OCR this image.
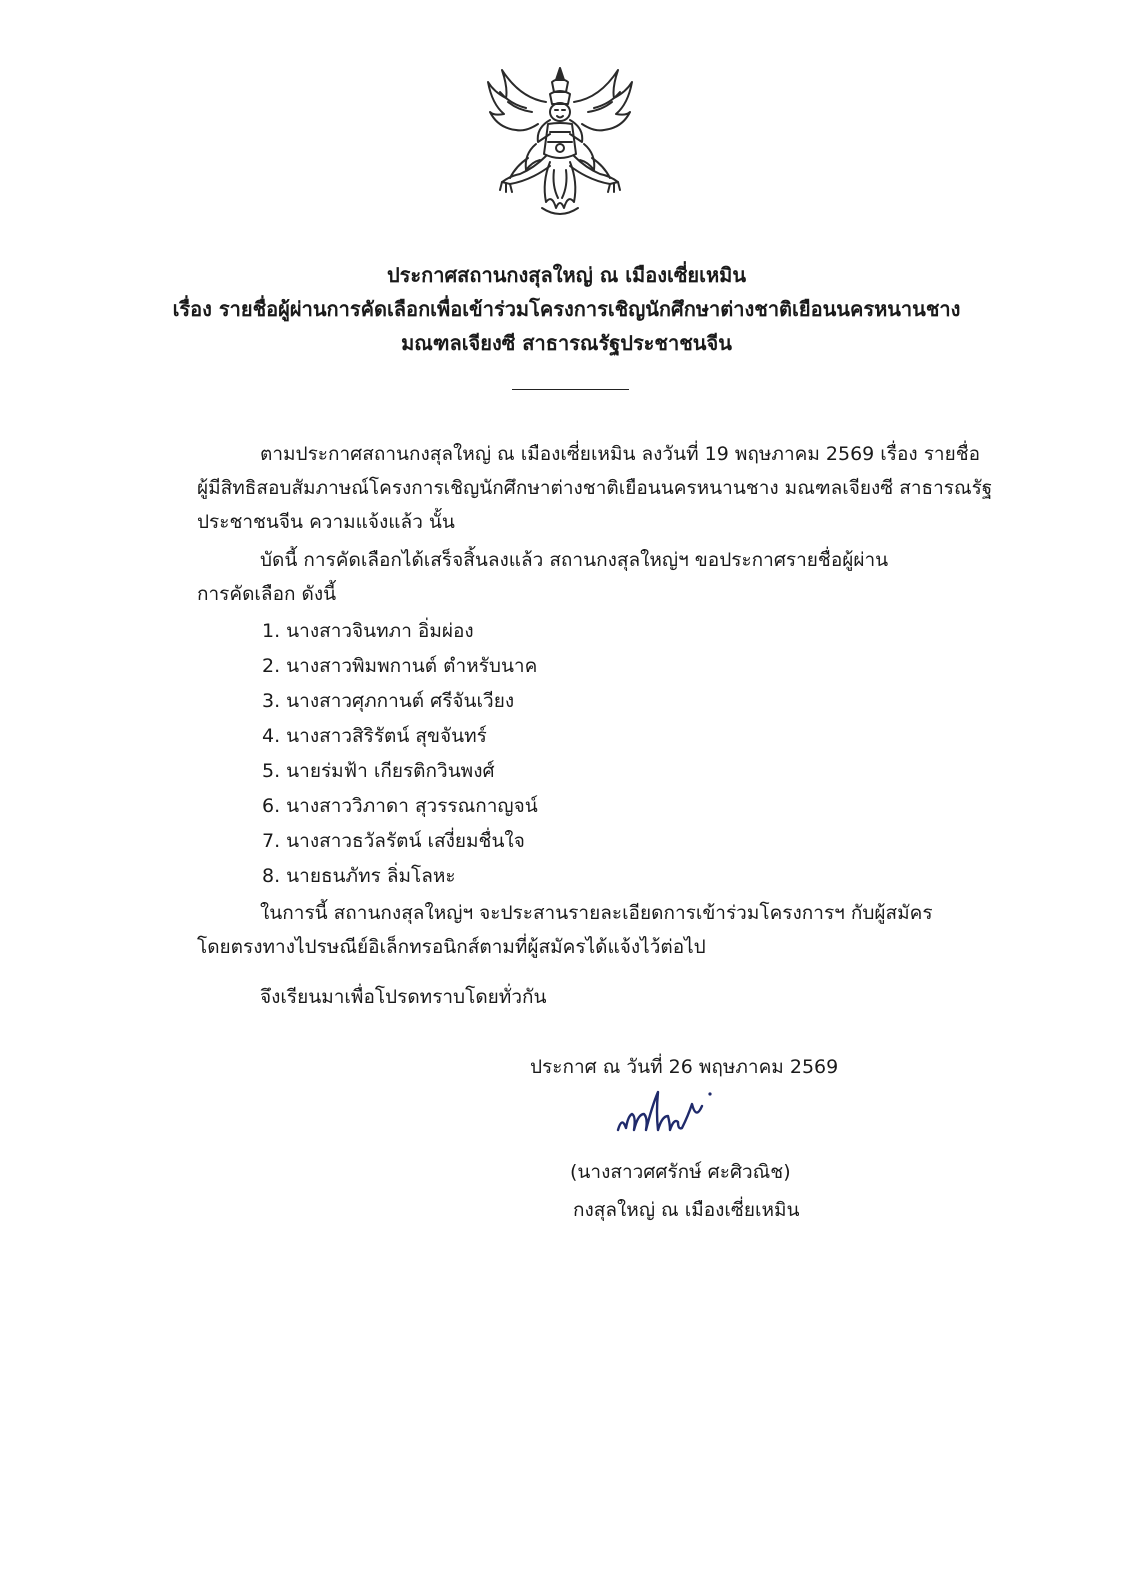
ประกาศสถานกงสุลใหญ่ ณ เมืองเซี่ยเหมิน
เรื่อง รายชื่อผู้ผ่านการคัดเลือกเพื่อเข้าร่วมโครงการเชิญนักศึกษาต่างชาติเยือนนครหนานชาง
มณฑลเจียงซี สาธารณรัฐประชาชนจีน
ตามประกาศสถานกงสุลใหญ่ ณ เมืองเซี่ยเหมิน ลงวันที่ 19 พฤษภาคม 2569 เรื่อง รายชื่อ
ผู้มีสิทธิสอบสัมภาษณ์โครงการเชิญนักศึกษาต่างชาติเยือนนครหนานชาง มณฑลเจียงซี สาธารณรัฐ
ประชาชนจีน ความแจ้งแล้ว นั้น
บัดนี้ การคัดเลือกได้เสร็จสิ้นลงแล้ว สถานกงสุลใหญ่ฯ ขอประกาศรายชื่อผู้ผ่าน
การคัดเลือก ดังนี้
1. นางสาวจินทภา อิ่มผ่อง
2. นางสาวพิมพกานต์ ตำหรับนาค
3. นางสาวศุภกานต์ ศรีจันเวียง
4. นางสาวสิริรัตน์ สุขจันทร์
5. นายร่มฟ้า เกียรติกวินพงศ์
6. นางสาววิภาดา สุวรรณกาญจน์
7. นางสาวธวัลรัตน์ เสงี่ยมชื่นใจ
8. นายธนภัทร ลิ่มโลหะ
ในการนี้ สถานกงสุลใหญ่ฯ จะประสานรายละเอียดการเข้าร่วมโครงการฯ กับผู้สมัคร
โดยตรงทางไปรษณีย์อิเล็กทรอนิกส์ตามที่ผู้สมัครได้แจ้งไว้ต่อไป
จึงเรียนมาเพื่อโปรดทราบโดยทั่วกัน
ประกาศ ณ วันที่ 26 พฤษภาคม 2569
(นางสาวศศรักษ์ ศะศิวณิช)
กงสุลใหญ่ ณ เมืองเซี่ยเหมิน
